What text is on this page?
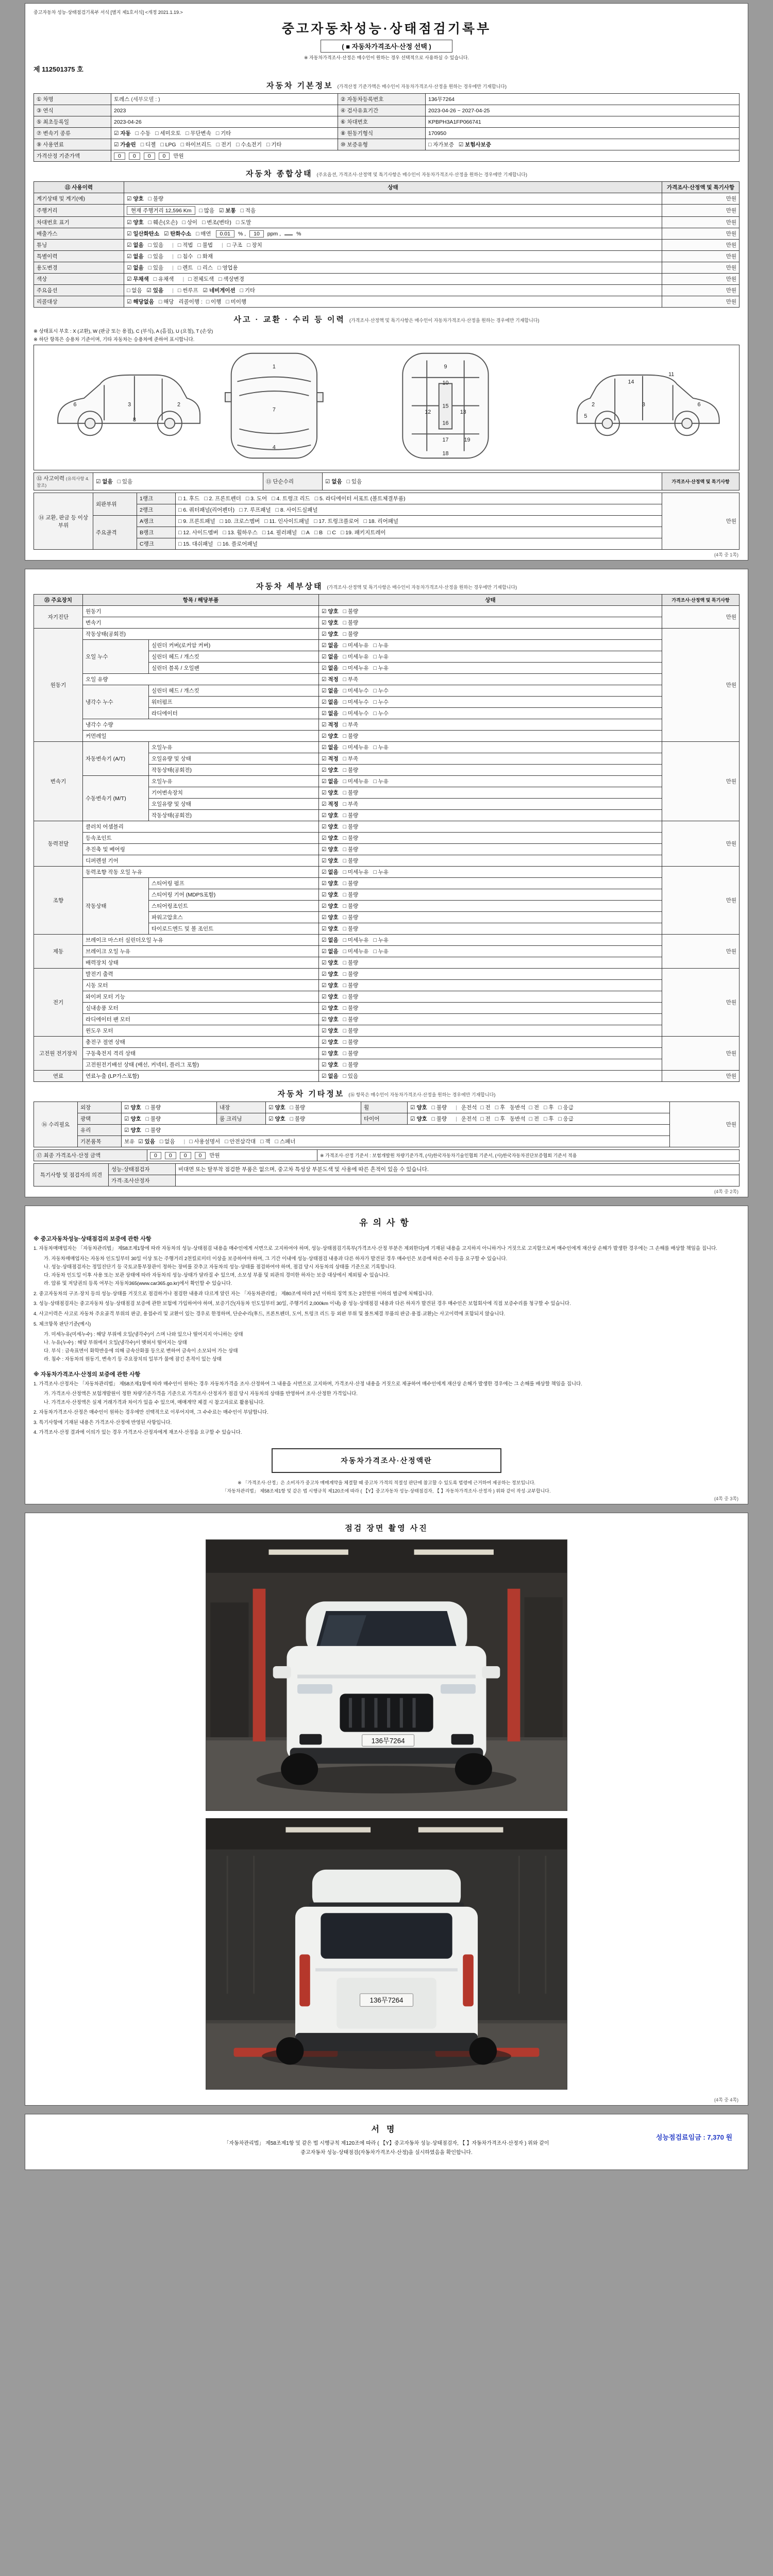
중고자동차 성능·상태점검기록부 서식 [별지 제1호서식] <개정 2021.1.19.>
중고자동차성능·상태점검기록부
( ■ 자동차가격조사·산정 선택 )
※ 자동차가격조사·산정은 매수인이 원하는 경우 선택적으로 사용하실 수 있습니다.
제 112501375 호
자동차 기본정보 (가격산정 기준가액은 매수인이 자동차가격조사·산정을 원하는 경우에만 기재합니다)
① 차명	토레스 (세부모델 : )	② 자동차등록번호	136무7264
③ 연식	2023	④ 검사유효기간	2023-04-26 ~ 2027-04-25
⑤ 최초등록일	2023-04-26	⑥ 차대번호	KPBPH3A1FP066741
⑦ 변속기 종류	☑ 자동 □ 수동 □ 세미오토 □ 무단변속 □ 기타	⑧ 원동기형식	170950
⑨ 사용연료	☑ 가솔린 □ 디젤 □ LPG □ 하이브리드 □ 전기 □ 수소전기 □ 기타	⑩ 보증유형	□ 자가보증 ☑ 보험사보증
가격산정 기준가액	0 0 0 0 만원		
자동차 종합상태 (주요옵션, 가격조사·산정액 및 특기사항은 매수인이 자동차가격조사·산정을 원하는 경우에만 기재합니다)
⑪ 사용이력	상태	가격조사·산정액 및 특기사항
계기상태 및 계기(예)	☑ 양호 □ 불량	만원
주행거리	현재 주행거리 12,596 Km □ 많음 ☑ 보통 □ 적음	만원
차대번호 표기	☑ 양호 □ 훼손(오손) □ 상이 □ 변조(변타) □ 도말	만원
배출가스	☑ 일산화탄소 ☑ 탄화수소 □ 매연 0.01 % , 10 ppm , %	만원
튜닝	☑ 없음 □ 있음 | □ 적법 □ 불법 | □ 구조 □ 장치	만원
특별이력	☑ 없음 □ 있음 | □ 침수 □ 화재	만원
용도변경	☑ 없음 □ 있음 | □ 렌트 □ 리스 □ 영업용	만원
색상	☑ 무채색 □ 유채색 | □ 전체도색 □ 색상변경	만원
주요옵션	□ 없음 ☑ 있음 | □ 썬루프 ☑ 네비게이션 □ 기타	만원
리콜대상	☑ 해당없음 □ 해당 리콜이행 : □ 이행 □ 미이행	만원
사고 · 교환 · 수리 등 이력 (가격조사·산정액 및 특기사항은 매수인이 자동차가격조사·산정을 원하는 경우에만 기재합니다)
※ 상태표시 부호 : X (교환), W (판금 또는 용접), C (부식), A (흠집), U (요철), T (손상)
※ 하단 항목은 승용차 기준이며, 기타 자동차는 승용차에 준하여 표시합니다.
6	3	2
8
1
7
4
9
10
12	13
15
16
17
18
19
2	3	6
14
5
11
⑫ 사고이력 (유의사항 4. 참조)	☑ 없음 □ 있음	⑬ 단순수리	☑ 없음 □ 있음	가격조사·산정액 및 특기사항
⑭ 교환, 판금 등 이상 부위	외판부위	1랭크	□ 1. 후드 □ 2. 프론트펜더 □ 3. 도어 □ 4. 트렁크 리드 □ 5. 라디에이터 서포트 (볼트체결부품)	만원
		2랭크	□ 6. 쿼터패널(리어펜더) □ 7. 루프패널 □ 8. 사이드실패널	
	주요골격	A랭크	□ 9. 프론트패널 □ 10. 크로스멤버 □ 11. 인사이드패널 □ 17. 트렁크플로어 □ 18. 리어패널	
		B랭크	□ 12. 사이드멤버 □ 13. 휠하우스 □ 14. 필러패널 □ A □ B □ C □ 19. 패키지트레이	
		C랭크	□ 15. 대쉬패널 □ 16. 플로어패널	
(4쪽 중 1쪽)
자동차 세부상태 (가격조사·산정액 및 특기사항은 매수인이 자동차가격조사·산정을 원하는 경우에만 기재합니다)
⑮ 주요장치	항목 / 해당부품		상태	가격조사·산정액 및 특기사항
자기진단	원동기		☑ 양호 □ 불량	만원
	변속기		☑ 양호 □ 불량	
원동기	작동상태(공회전)		☑ 양호 □ 불량	만원
	오일 누수	실린더 커버(로커암 커버)	☑ 없음 □ 미세누유 □ 누유	
		실린더 헤드 / 개스킷	☑ 없음 □ 미세누유 □ 누유	
		실린더 블록 / 오일팬	☑ 없음 □ 미세누유 □ 누유	
	오일 유량		☑ 적정 □ 부족	
	냉각수 누수	실린더 헤드 / 개스킷	☑ 없음 □ 미세누수 □ 누수	
		워터펌프	☑ 없음 □ 미세누수 □ 누수	
		라디에이터	☑ 없음 □ 미세누수 □ 누수	
	냉각수 수량		☑ 적정 □ 부족	
	커먼레일		☑ 양호 □ 불량	
변속기	자동변속기 (A/T)	오일누유	☑ 없음 □ 미세누유 □ 누유	만원
		오일유량 및 상태	☑ 적정 □ 부족	
		작동상태(공회전)	☑ 양호 □ 불량	
	수동변속기 (M/T)	오일누유	☑ 없음 □ 미세누유 □ 누유	
		기어변속장치	☑ 양호 □ 불량	
		오일유량 및 상태	☑ 적정 □ 부족	
		작동상태(공회전)	☑ 양호 □ 불량	
동력전달	클러치 어셈블리		☑ 양호 □ 불량	만원
	등속조인트		☑ 양호 □ 불량	
	추진축 및 베어링		☑ 양호 □ 불량	
	디퍼렌셜 기어		☑ 양호 □ 불량	
조향	동력조향 작동 오일 누유		☑ 없음 □ 미세누유 □ 누유	만원
	작동상태	스티어링 펌프	☑ 양호 □ 불량	
		스티어링 기어 (MDPS포함)	☑ 양호 □ 불량	
		스티어링조인트	☑ 양호 □ 불량	
		파워고압호스	☑ 양호 □ 불량	
		타이로드엔드 및 볼 조인트	☑ 양호 □ 불량	
제동	브레이크 마스터 실린더오일 누유		☑ 없음 □ 미세누유 □ 누유	만원
	브레이크 오일 누유		☑ 없음 □ 미세누유 □ 누유	
	배력장치 상태		☑ 양호 □ 불량	
전기	발전기 출력		☑ 양호 □ 불량	만원
	시동 모터		☑ 양호 □ 불량	
	와이퍼 모터 기능		☑ 양호 □ 불량	
	실내송풍 모터		☑ 양호 □ 불량	
	라디에이터 팬 모터		☑ 양호 □ 불량	
	윈도우 모터		☑ 양호 □ 불량	
고전원 전기장치	충전구 절연 상태		☑ 양호 □ 불량	만원
	구동축전지 격리 상태		☑ 양호 □ 불량	
	고전원전기배선 상태 (배선, 커넥터, 플러그 포함)		☑ 양호 □ 불량	
연료	연료누출 (LP가스포함)		☑ 없음 □ 있음	만원
자동차 기타정보 (⑯ 항목은 매수인이 자동차가격조사·산정을 원하는 경우에만 기재합니다)
⑯ 수리필요	외장	☑ 양호 □ 불량	내장	☑ 양호 □ 불량	휠	☑ 양호 □ 불량 | 운전석 □ 전 □ 후 동반석 □ 전 □ 후 □ 응급	만원
	광택	☑ 양호 □ 불량	룸 크리닝	☑ 양호 □ 불량	타이어	☑ 양호 □ 불량 | 운전석 □ 전 □ 후 동반석 □ 전 □ 후 □ 응급	
	유리	☑ 양호 □ 불량					
	기본품목	보유 ☑ 있음 □ 없음 | □ 사용설명서 □ 안전삼각대 □ 잭 □ 스패너					
⑰ 최종 가격조사·산정 금액	0 0 0 0 만원	※ 가격조사·산정 기준서 : 보험개발원 차량기준가격, (사)한국자동차기술인협회 기준서, (사)한국자동차진단보증협회 기준서 적용
특기사항 및 점검자의 의견	성능·상태점검자	비대면 또는 탈부착 점검한 부품은 없으며, 중고차 특성상 부분도색 및 사용에 따른 흔적이 있을 수 있습니다.
	가격·조사산정자	
(4쪽 중 2쪽)
유의사항
※ 중고자동차성능·상태점검의 보증에 관한 사항
1. 자동차매매업자는 「자동차관리법」 제58조제1항에 따라 자동차의 성능·상태점검 내용을 매수인에게 서면으로 고지하여야 하며, 성능·상태점검기록부(가격조사·산정 부분은 제외한다)에 기재된 내용을 고지하지 아니하거나 거짓으로 고지함으로써 매수인에게 재산상 손해가 발생한 경우에는 그 손해를 배상할 책임을 집니다.
가. 자동차매매업자는 자동차 인도일부터 30일 이상 또는 주행거리 2천킬로미터 이상을 보증하여야 하며, 그 기간 이내에 성능·상태점검 내용과 다른 하자가 발견된 경우 매수인은 보증에 따른 수리 등을 요구할 수 있습니다.
나. 성능·상태점검자는 정밀진단기 등 국토교통부장관이 정하는 장비를 갖추고 자동차의 성능·상태를 점검하여야 하며, 점검 당시 자동차의 상태를 기준으로 기록합니다.
다. 자동차 인도일 이후 사용 또는 보관 상태에 따라 자동차의 성능·상태가 달라질 수 있으며, 소모성 부품 및 외관의 경미한 하자는 보증 대상에서 제외될 수 있습니다.
라. 압류 및 저당권의 등록 여부는 자동차365(www.car365.go.kr)에서 확인할 수 있습니다.
2. 중고자동차의 구조·장치 등의 성능·상태를 거짓으로 점검하거나 점검한 내용과 다르게 알린 자는 「자동차관리법」 제80조에 따라 2년 이하의 징역 또는 2천만원 이하의 벌금에 처해집니다.
3. 성능·상태점검자는 중고자동차 성능·상태점검 보증에 관한 보험에 가입하여야 하며, 보증기간(자동차 인도일부터 30일, 주행거리 2,000km 이내) 중 성능·상태점검 내용과 다른 하자가 발견된 경우 매수인은 보험회사에 직접 보증수리를 청구할 수 있습니다.
4. 사고이력은 사고로 자동차 주요골격 부위의 판금, 용접수리 및 교환이 있는 경우로 한정하며, 단순수리(후드, 프론트펜더, 도어, 트렁크 리드 등 외판 부위 및 볼트체결 부품의 판금·용접·교환)는 사고이력에 포함되지 않습니다.
5. 체크항목 판단기준(예시)
가. 미세누유(미세누수) : 해당 부위에 오일(냉각수)이 스며 나와 있으나 떨어지지 아니하는 상태
나. 누유(누수) : 해당 부위에서 오일(냉각수)이 맺혀서 떨어지는 상태
다. 부식 : 금속표면이 화학반응에 의해 금속산화물 등으로 변하여 금속이 소모되어 가는 상태
라. 침수 : 자동차의 원동기, 변속기 등 주요장치의 일부가 물에 잠긴 흔적이 있는 상태
※ 자동차가격조사·산정의 보증에 관한 사항
1. 가격조사·산정자는 「자동차관리법」 제58조제1항에 따라 매수인이 원하는 경우 자동차가격을 조사·산정하여 그 내용을 서면으로 고지하며, 가격조사·산정 내용을 거짓으로 제공하여 매수인에게 재산상 손해가 발생한 경우에는 그 손해를 배상할 책임을 집니다.
가. 가격조사·산정액은 보험개발원이 정한 차량기준가격을 기준으로 가격조사·산정자가 점검 당시 자동차의 상태를 반영하여 조사·산정한 가격입니다.
나. 가격조사·산정액은 실제 거래가격과 차이가 있을 수 있으며, 매매계약 체결 시 참고자료로 활용됩니다.
2. 자동차가격조사·산정은 매수인이 원하는 경우에만 선택적으로 이루어지며, 그 수수료는 매수인이 부담합니다.
3. 특기사항에 기재된 내용은 가격조사·산정에 반영된 사항입니다.
4. 가격조사·산정 결과에 이의가 있는 경우 가격조사·산정자에게 재조사·산정을 요구할 수 있습니다.
자동차가격조사·산정액란
※ 「가격조사·산정」은 소비자가 중고차 매매계약을 체결할 때 중고차 가격의 적절성 판단에 참고할 수 있도록 법령에 근거하여 제공하는 정보입니다.
「자동차관리법」 제58조제1항 및 같은 법 시행규칙 제120조에 따라 ( 【Y】중고자동차 성능·상태점검자, 【 】자동차가격조사·산정자 ) 위와 같이 작성·교부합니다.
(4쪽 중 3쪽)
점검 장면 촬영 사진
136무7264
136무7264
(4쪽 중 4쪽)
서명
성능점검료임금 : 7,370 원
「자동차관리법」 제58조제1항 및 같은 법 시행규칙 제120조에 따라 ( 【Y】중고자동차 성능·상태점검자, 【 】자동차가격조사·산정자 ) 위와 같이
중고자동차 성능·상태점검(자동차가격조사·산정)을 실시하였음을 확인합니다.
